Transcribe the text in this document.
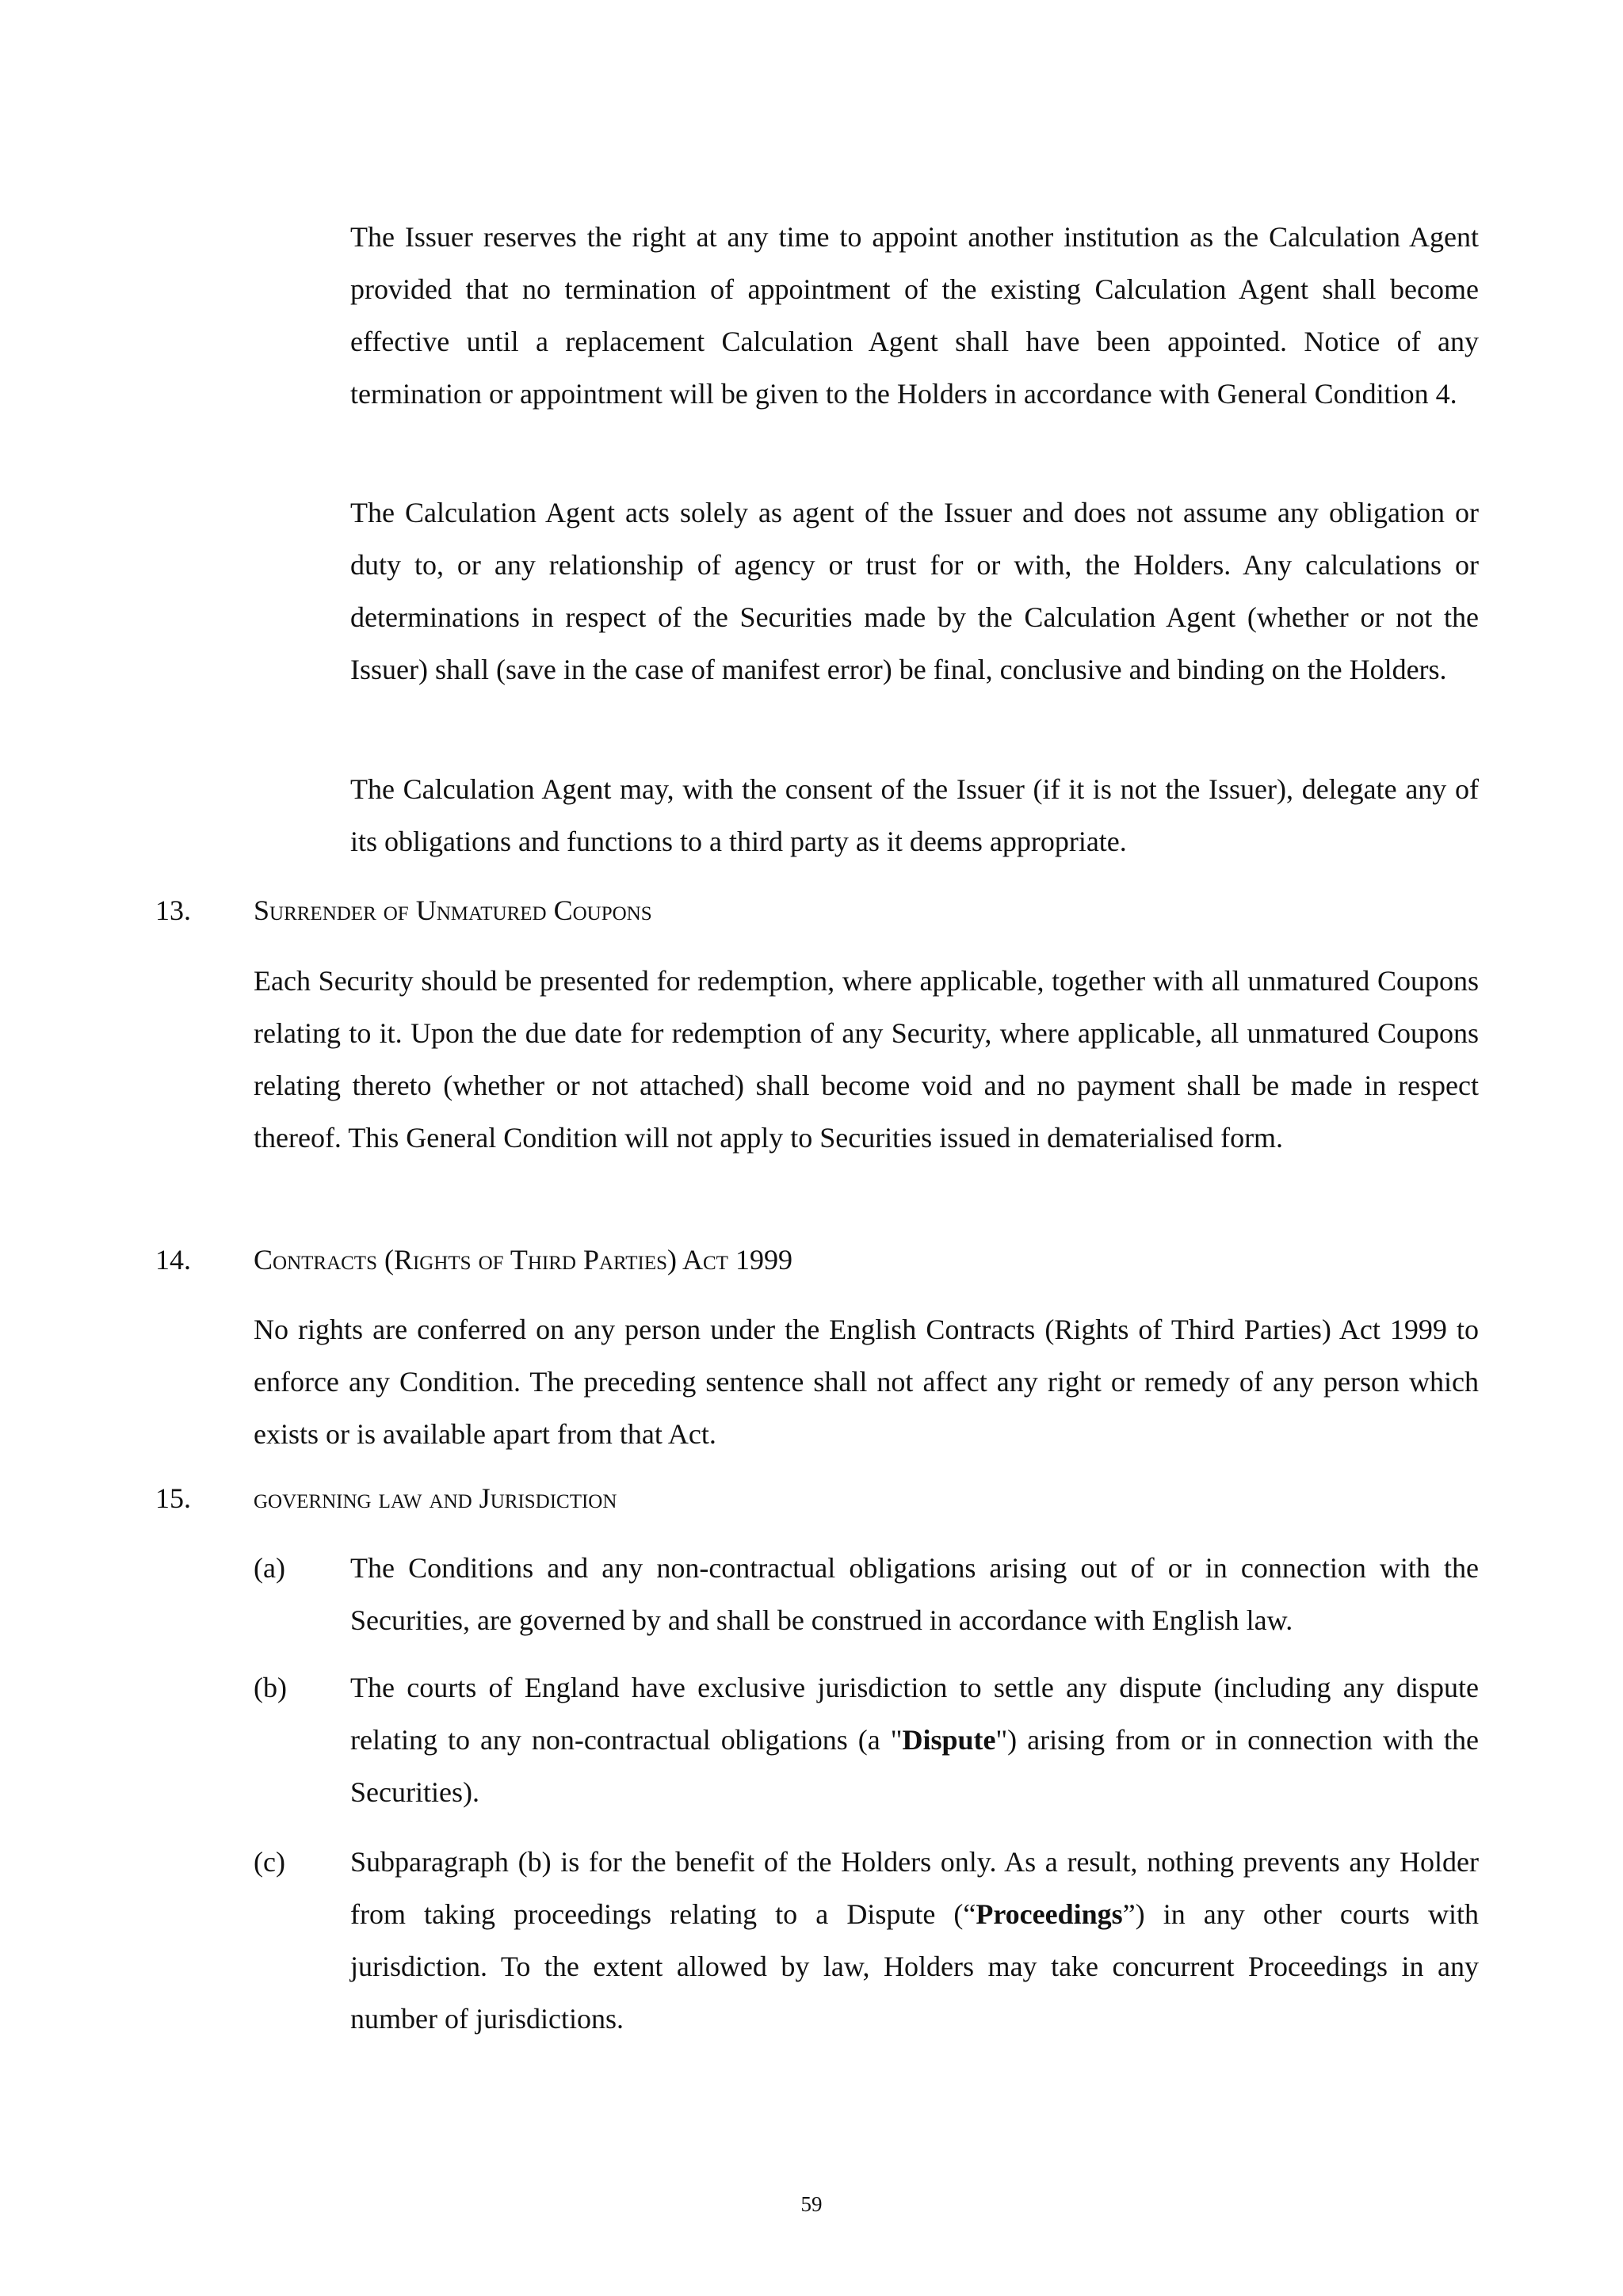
The Issuer reserves the right at any time to appoint another institution as the Calculation Agent provided that no termination of appointment of the existing Calculation Agent shall become effective until a replacement Calculation Agent shall have been appointed. Notice of any termination or appointment will be given to the Holders in accordance with General Condition 4.

The Calculation Agent acts solely as agent of the Issuer and does not assume any obligation or duty to, or any relationship of agency or trust for or with, the Holders. Any calculations or determinations in respect of the Securities made by the Calculation Agent (whether or not the Issuer) shall (save in the case of manifest error) be final, conclusive and binding on the Holders.

The Calculation Agent may, with the consent of the Issuer (if it is not the Issuer), delegate any of its obligations and functions to a third party as it deems appropriate.

13. Surrender of Unmatured Coupons

Each Security should be presented for redemption, where applicable, together with all unmatured Coupons relating to it. Upon the due date for redemption of any Security, where applicable, all unmatured Coupons relating thereto (whether or not attached) shall become void and no payment shall be made in respect thereof. This General Condition will not apply to Securities issued in dematerialised form.

14. Contracts (Rights of Third Parties) Act 1999

No rights are conferred on any person under the English Contracts (Rights of Third Parties) Act 1999 to enforce any Condition. The preceding sentence shall not affect any right or remedy of any person which exists or is available apart from that Act.

15. governing law and Jurisdiction
(a) The Conditions and any non-contractual obligations arising out of or in connection with the Securities, are governed by and shall be construed in accordance with English law.

(b) The courts of England have exclusive jurisdiction to settle any dispute (including any dispute relating to any non-contractual obligations (a "Dispute") arising from or in connection with the Securities).

(c) Subparagraph (b) is for the benefit of the Holders only. As a result, nothing prevents any Holder from taking proceedings relating to a Dispute (“Proceedings”) in any other courts with jurisdiction. To the extent allowed by law, Holders may take concurrent Proceedings in any number of jurisdictions.

59
